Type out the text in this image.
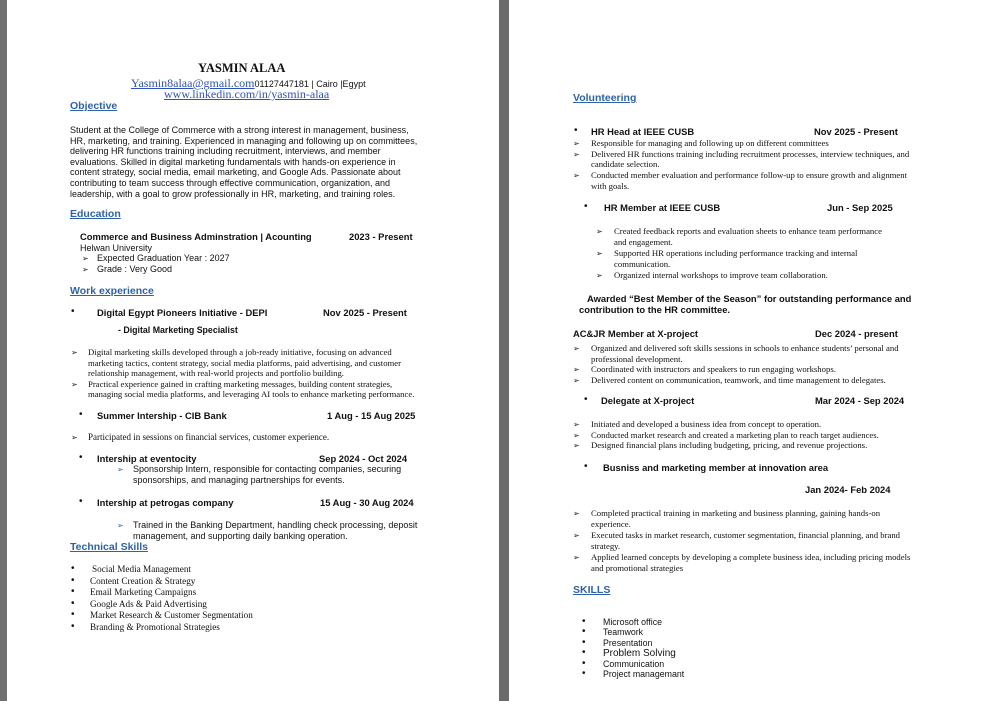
YASMIN ALAA
Yasmin8alaa@gmail.com01127447181 | Cairo |Egypt
www.linkedin.com/in/yasmin-alaa
Objective
Student at the College of Commerce with a strong interest in management, business,
HR, marketing, and training. Experienced in managing and following up on committees,
delivering HR functions training including recruitment, interviews, and member
evaluations. Skilled in digital marketing fundamentals with hands-on experience in
content strategy, social media, email marketing, and Google Ads. Passionate about
contributing to team success through effective communication, organization, and
leadership, with a goal to grow professionally in HR, marketing, and training roles.
Education
Commerce and Business Adminstration | Acounting	2023 - Present
Helwan University
➢ Expected Graduation Year : 2027
➢ Grade : Very Good
Work experience
• Digital Egypt Pioneers Initiative - DEPI	Nov 2025 - Present
- Digital Marketing Specialist
➢ Digital marketing skills developed through a job-ready initiative, focusing on advanced
marketing tactics, content strategy, social media platforms, paid advertising, and customer
relationship management, with real-world projects and portfolio building.
➢ Practical experience gained in crafting marketing messages, building content strategies,
managing social media platforms, and leveraging AI tools to enhance marketing performance.
• Summer Intership - CIB Bank	1 Aug - 15 Aug 2025
➢ Participated in sessions on financial services, customer experience.
• Intership at eventocity	Sep 2024 - Oct 2024
➢ Sponsorship Intern, responsible for contacting companies, securing
sponsorships, and managing partnerships for events.
• Intership at petrogas company	15 Aug - 30 Aug 2024
➢ Trained in the Banking Department, handling check processing, deposit
management, and supporting daily banking operation.
Technical Skills
• Social Media Management
• Content Creation & Strategy
• Email Marketing Campaigns
• Google Ads & Paid Advertising
• Market Research & Customer Segmentation
• Branding & Promotional Strategies
Volunteering
• HR Head at IEEE CUSB	Nov 2025 - Present
➢ Responsible for managing and following up on different committees
➢ Delivered HR functions training including recruitment processes, interview techniques, and
candidate selection.
➢ Conducted member evaluation and performance follow-up to ensure growth and alignment
with goals.
• HR Member at IEEE CUSB	Jun - Sep 2025
➢ Created feedback reports and evaluation sheets to enhance team performance
and engagement.
➢ Supported HR operations including performance tracking and internal
communication.
➢ Organized internal workshops to improve team collaboration.
Awarded “Best Member of the Season” for outstanding performance and
contribution to the HR committee.
AC&JR Member at X-project	Dec 2024 - present
➢ Organized and delivered soft skills sessions in schools to enhance students’ personal and
professional development.
➢ Coordinated with instructors and speakers to run engaging workshops.
➢ Delivered content on communication, teamwork, and time management to delegates.
• Delegate at X-project	Mar 2024 - Sep 2024
➢ Initiated and developed a business idea from concept to operation.
➢ Conducted market research and created a marketing plan to reach target audiences.
➢ Designed financial plans including budgeting, pricing, and revenue projections.
• Busniss and marketing member at innovation area
Jan 2024- Feb 2024
➢ Completed practical training in marketing and business planning, gaining hands-on
experience.
➢ Executed tasks in market research, customer segmentation, financial planning, and brand
strategy.
➢ Applied learned concepts by developing a complete business idea, including pricing models
and promotional strategies
SKILLS
• Microsoft office
• Teamwork
• Presentation
• Problem Solving
• Communication
• Project managemant
